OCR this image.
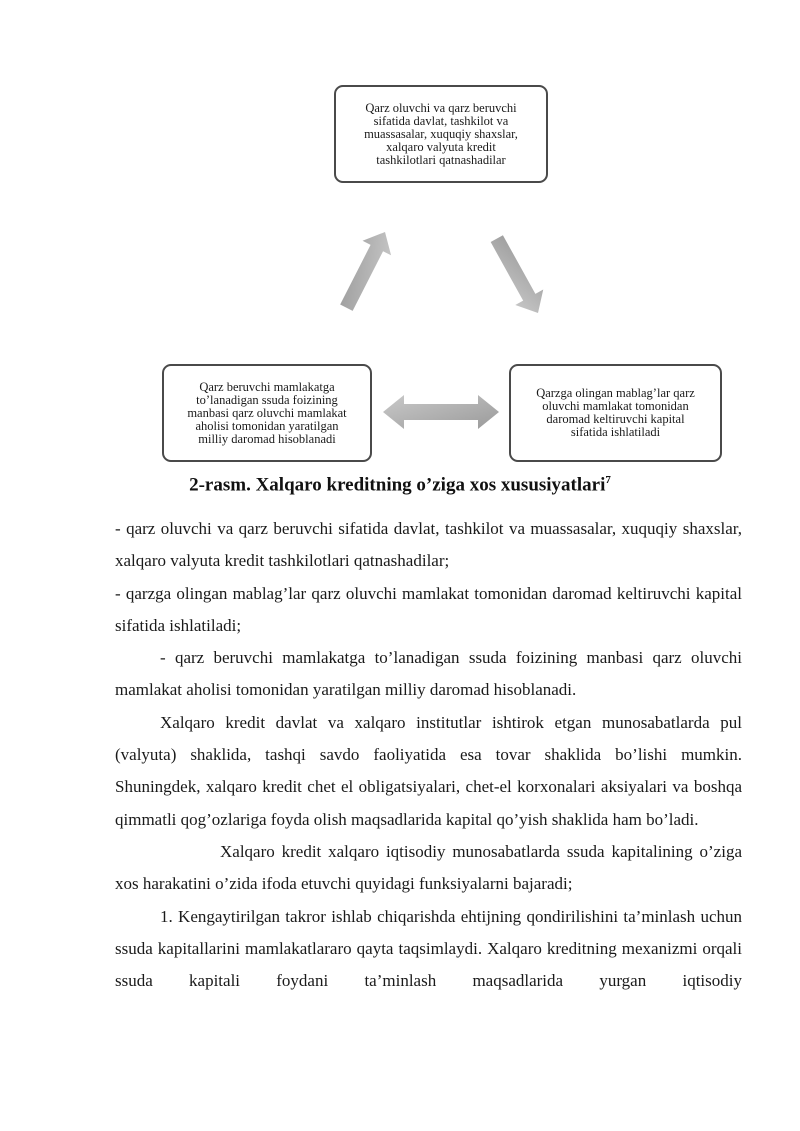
Qarz oluvchi va qarz beruvchi
sifatida davlat, tashkilot va
muassasalar, xuquqiy shaxslar,
xalqaro valyuta kredit
tashkilotlari qatnashadilar
Qarz beruvchi mamlakatga
to’lanadigan ssuda foizining
manbasi qarz oluvchi mamlakat
aholisi tomonidan yaratilgan
milliy daromad hisoblanadi
Qarzga olingan mablag’lar qarz
oluvchi mamlakat tomonidan
daromad keltiruvchi kapital
sifatida ishlatiladi
2-rasm. Xalqaro kreditning o’ziga xos xususiyatlari$^7$

- qarz oluvchi va qarz beruvchi sifatida davlat, tashkilot va muassasalar, xuquqiy shaxslar, xalqaro valyuta kredit tashkilotlari qatnashadilar;

- qarzga olingan mablag’lar qarz oluvchi mamlakat tomonidan daromad keltiruvchi kapital sifatida ishlatiladi;

- qarz beruvchi mamlakatga to’lanadigan ssuda foizining manbasi qarz oluvchi mamlakat aholisi tomonidan yaratilgan milliy daromad hisoblanadi.

Xalqaro kredit davlat va xalqaro institutlar ishtirok etgan munosabatlarda pul (valyuta) shaklida, tashqi savdo faoliyatida esa tovar shaklida bo’lishi mumkin. Shuningdek, xalqaro kredit chet el obligatsiyalari, chet-el korxonalari aksiyalari va boshqa qimmatli qog’ozlariga foyda olish maqsadlarida kapital qo’yish shaklida ham bo’ladi.

Xalqaro kredit xalqaro iqtisodiy munosabatlarda ssuda kapitalining o’ziga xos harakatini o’zida ifoda etuvchi quyidagi funksiyalarni bajaradi;

1. Kengaytirilgan takror ishlab chiqarishda ehtijning qondirilishini ta’minlash uchun ssuda kapitallarini mamlakatlararo qayta taqsimlaydi. Xalqaro kreditning mexanizmi orqali ssuda kapitali foydani ta’minlash maqsadlarida yurgan iqtisodiy
